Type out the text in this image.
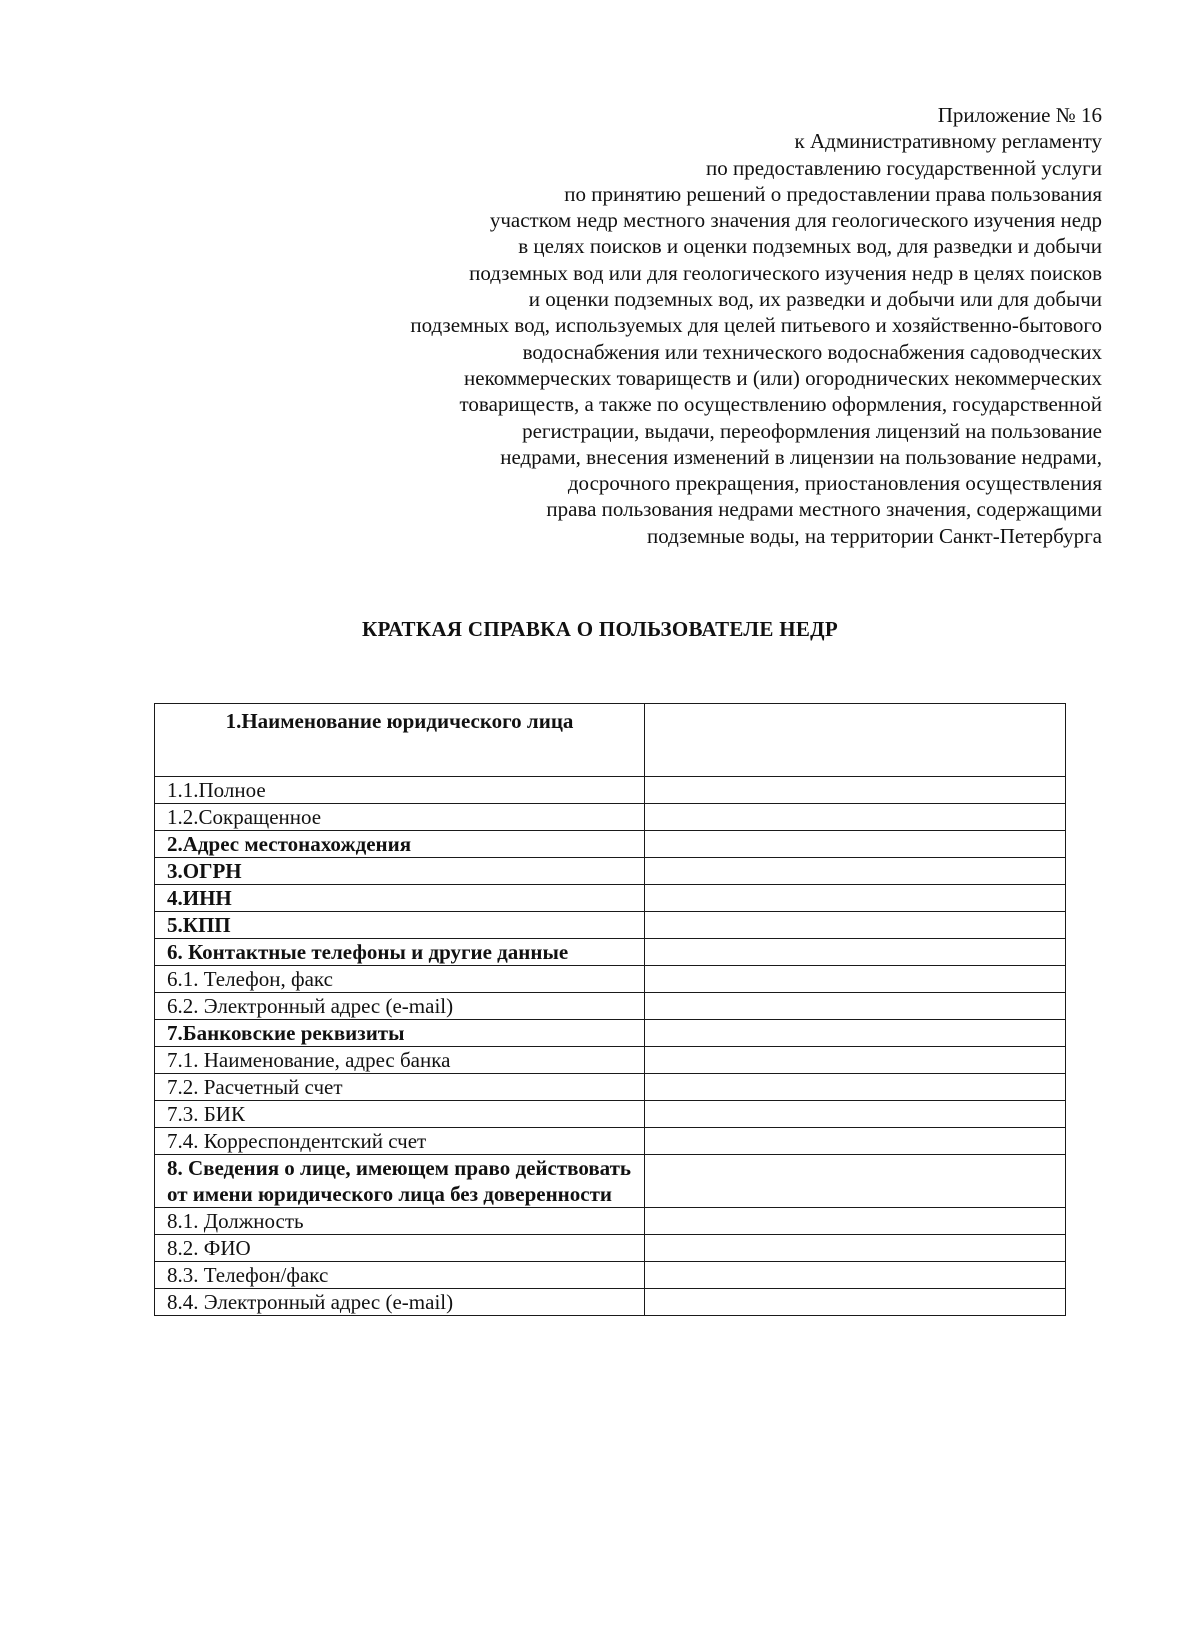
Приложение № 16
к Административному регламенту
по предоставлению государственной услуги
по принятию решений о предоставлении права пользования
участком недр местного значения для геологического изучения недр
в целях поисков и оценки подземных вод, для разведки и добычи
подземных вод или для геологического изучения недр в целях поисков
и оценки подземных вод, их разведки и добычи или для добычи
подземных вод, используемых для целей питьевого и хозяйственно-бытового
водоснабжения или технического водоснабжения садоводческих
некоммерческих товариществ и (или) огороднических некоммерческих
товариществ, а также по осуществлению оформления, государственной
регистрации, выдачи, переоформления лицензий на пользование
недрами, внесения изменений в лицензии на пользование недрами,
досрочного прекращения, приостановления осуществления
права пользования недрами местного значения, содержащими
подземные воды, на территории Санкт-Петербурга
КРАТКАЯ СПРАВКА О ПОЛЬЗОВАТЕЛЕ НЕДР
1.Наименование юридического лица	
1.1.Полное	
1.2.Сокращенное	
2.Адрес местонахождения	
3.ОГРН	
4.ИНН	
5.КПП	
6. Контактные телефоны и другие данные	
6.1. Телефон, факс	
6.2. Электронный адрес (e-mail)	
7.Банковские реквизиты	
7.1. Наименование, адрес банка	
7.2. Расчетный счет	
7.3. БИК	
7.4. Корреспондентский счет	
8. Сведения о лице, имеющем право действовать от имени юридического лица без доверенности	
8.1. Должность	
8.2. ФИО	
8.3. Телефон/факс	
8.4. Электронный адрес (e-mail)	
